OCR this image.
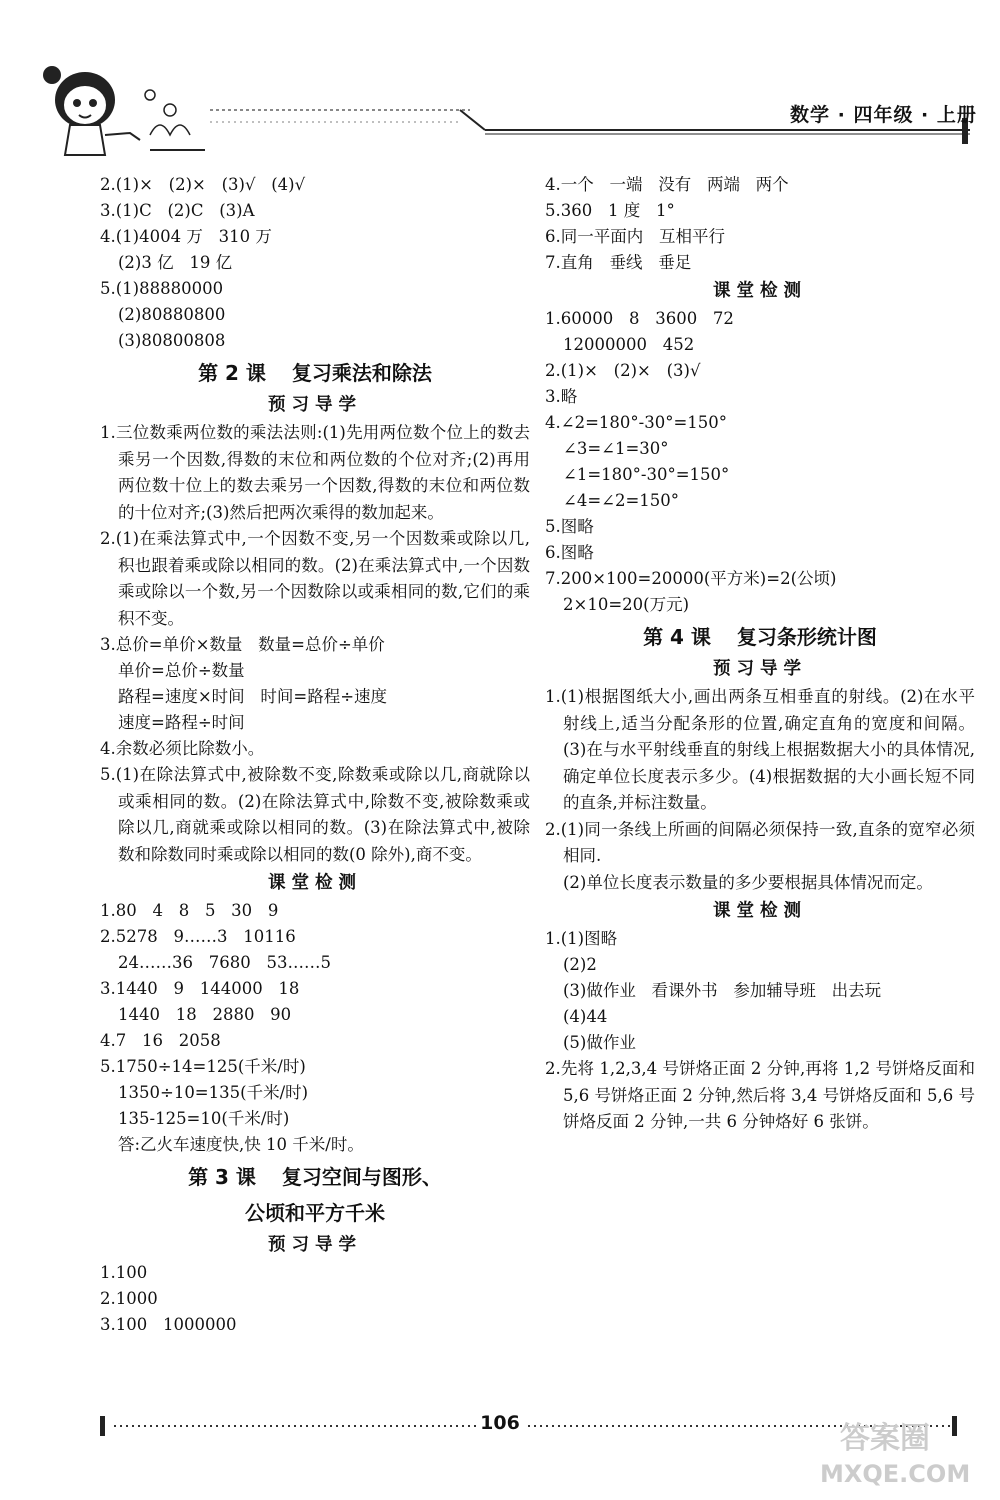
数学 · 四年级 · 上册
2.(1)×   (2)×   (3)√   (4)√
3.(1)C   (2)C   (3)A
4.(1)4004 万   310 万
(2)3 亿   19 亿
5.(1)88880000
(2)80880800
(3)80800808
第 2 课 复习乘法和除法
预习导学
1.三位数乘两位数的乘法法则:(1)先用两位数个位上的数去乘另一个因数,得数的末位和两位数的个位对齐;(2)再用两位数十位上的数去乘另一个因数,得数的末位和两位数的十位对齐;(3)然后把两次乘得的数加起来。
2.(1)在乘法算式中,一个因数不变,另一个因数乘或除以几,积也跟着乘或除以相同的数。(2)在乘法算式中,一个因数乘或除以一个数,另一个因数除以或乘相同的数,它们的乘积不变。
3.总价=单价×数量   数量=总价÷单价
单价=总价÷数量
路程=速度×时间   时间=路程÷速度
速度=路程÷时间
4.余数必须比除数小。
5.(1)在除法算式中,被除数不变,除数乘或除以几,商就除以或乘相同的数。(2)在除法算式中,除数不变,被除数乘或除以几,商就乘或除以相同的数。(3)在除法算式中,被除数和除数同时乘或除以相同的数(0 除外),商不变。
课堂检测
1.80   4   8   5   30   9
2.5278   9……3   10116
24……36   7680   53……5
3.1440   9   144000   18
1440   18   2880   90
4.7   16   2058
5.1750÷14=125(千米/时)
1350÷10=135(千米/时)
135-125=10(千米/时)
答:乙火车速度快,快 10 千米/时。
第 3 课 复习空间与图形、
公顷和平方千米
预习导学
1.100
2.1000
3.100   1000000
4.一个   一端   没有   两端   两个
5.360   1 度   1°
6.同一平面内   互相平行
7.直角   垂线   垂足
课堂检测
1.60000   8   3600   72
12000000   452
2.(1)×   (2)×   (3)√
3.略
4.∠2=180°-30°=150°
∠3=∠1=30°
∠1=180°-30°=150°
∠4=∠2=150°
5.图略
6.图略
7.200×100=20000(平方米)=2(公顷)
2×10=20(万元)
第 4 课 复习条形统计图
预习导学
1.(1)根据图纸大小,画出两条互相垂直的射线。(2)在水平射线上,适当分配条形的位置,确定直角的宽度和间隔。(3)在与水平射线垂直的射线上根据数据大小的具体情况,确定单位长度表示多少。(4)根据数据的大小画长短不同的直条,并标注数量。
2.(1)同一条线上所画的间隔必须保持一致,直条的宽窄必须相同.
(2)单位长度表示数量的多少要根据具体情况而定。
课堂检测
1.(1)图略
(2)2
(3)做作业   看课外书   参加辅导班   出去玩
(4)44
(5)做作业
2.先将 1,2,3,4 号饼烙正面 2 分钟,再将 1,2 号饼烙反面和 5,6 号饼烙正面 2 分钟,然后将 3,4 号饼烙反面和 5,6 号饼烙反面 2 分钟,一共 6 分钟烙好 6 张饼。
106	答案圈
MXQE.COM
